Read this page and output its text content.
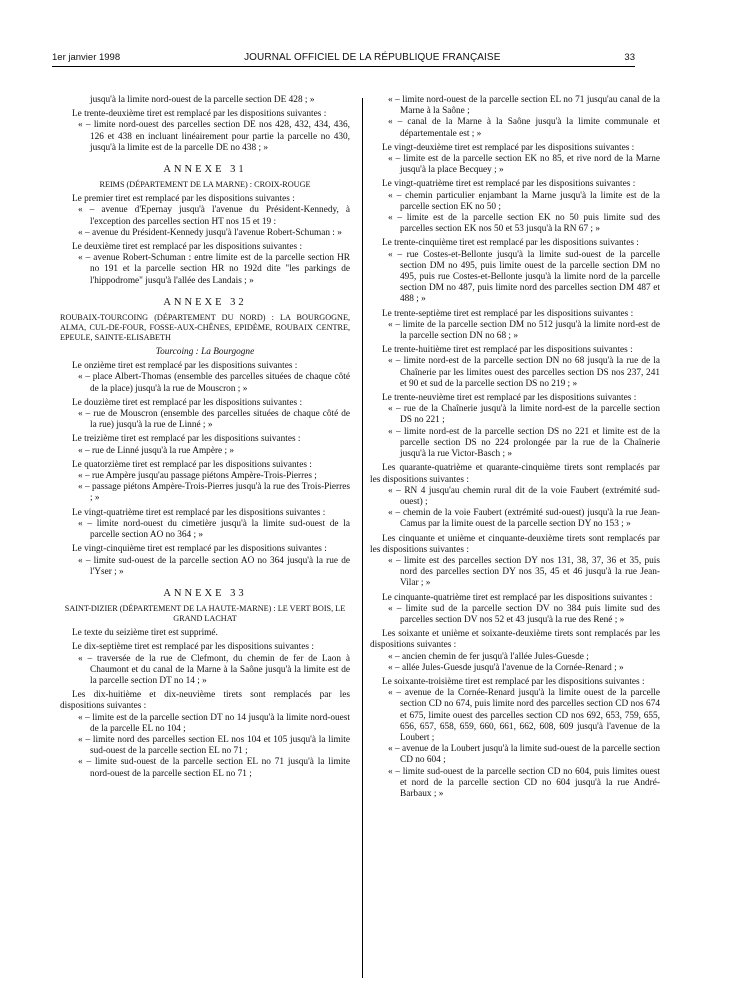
1er janvier 1998	JOURNAL OFFICIEL DE LA RÉPUBLIQUE FRANÇAISE	33

jusqu'à la limite nord-ouest de la parcelle section DE 428 ; »

Le trente-deuxième tiret est remplacé par les dispositions suivantes :

« – limite nord-ouest des parcelles section DE nos 428, 432, 434, 436, 126 et 438 en incluant linéairement pour partie la parcelle no 430, jusqu'à la limite est de la parcelle DE no 438 ; »

ANNEXE 31
REIMS (DÉPARTEMENT DE LA MARNE) : CROIX-ROUGE

Le premier tiret est remplacé par les dispositions suivantes :

« – avenue d'Epernay jusqu'à l'avenue du Président-Kennedy, à l'exception des parcelles section HT nos 15 et 19 :

« – avenue du Président-Kennedy jusqu'à l'avenue Robert-Schuman : »

Le deuxième tiret est remplacé par les dispositions suivantes :

« – avenue Robert-Schuman : entre limite est de la parcelle section HR no 191 et la parcelle section HR no 192d dite "les parkings de l'hippodrome" jusqu'à l'allée des Landais ; »

ANNEXE 32
ROUBAIX-TOURCOING (DÉPARTEMENT DU NORD) : LA BOURGOGNE, ALMA, CUL-DE-FOUR, FOSSE-AUX-CHÊNES, EPIDÈME, ROUBAIX CENTRE, EPEULE, SAINTE-ELISABETH
Tourcoing : La Bourgogne

Le onzième tiret est remplacé par les dispositions suivantes :

« – place Albert-Thomas (ensemble des parcelles situées de chaque côté de la place) jusqu'à la rue de Mouscron ; »

Le douzième tiret est remplacé par les dispositions suivantes :

« – rue de Mouscron (ensemble des parcelles situées de chaque côté de la rue) jusqu'à la rue de Linné ; »

Le treizième tiret est remplacé par les dispositions suivantes :

« – rue de Linné jusqu'à la rue Ampère ; »

Le quatorzième tiret est remplacé par les dispositions suivantes :

« – rue Ampère jusqu'au passage piétons Ampère-Trois-Pierres ;

« – passage piétons Ampère-Trois-Pierres jusqu'à la rue des Trois-Pierres ; »

Le vingt-quatrième tiret est remplacé par les dispositions suivantes :

« – limite nord-ouest du cimetière jusqu'à la limite sud-ouest de la parcelle section AO no 364 ; »

Le vingt-cinquième tiret est remplacé par les dispositions suivantes :

« – limite sud-ouest de la parcelle section AO no 364 jusqu'à la rue de l'Yser ; »

ANNEXE 33
SAINT-DIZIER (DÉPARTEMENT DE LA HAUTE-MARNE) : LE VERT BOIS, LE GRAND LACHAT

Le texte du seizième tiret est supprimé.

Le dix-septième tiret est remplacé par les dispositions suivantes :

« – traversée de la rue de Clefmont, du chemin de fer de Laon à Chaumont et du canal de la Marne à la Saône jusqu'à la limite est de la parcelle section DT no 14 ; »

Les dix-huitième et dix-neuvième tirets sont remplacés par les dispositions suivantes :

« – limite est de la parcelle section DT no 14 jusqu'à la limite nord-ouest de la parcelle EL no 104 ;

« – limite nord des parcelles section EL nos 104 et 105 jusqu'à la limite sud-ouest de la parcelle section EL no 71 ;

« – limite sud-ouest de la parcelle section EL no 71 jusqu'à la limite nord-ouest de la parcelle section EL no 71 ;

« – limite nord-ouest de la parcelle section EL no 71 jusqu'au canal de la Marne à la Saône ;

« – canal de la Marne à la Saône jusqu'à la limite communale et départementale est ; »

Le vingt-deuxième tiret est remplacé par les dispositions suivantes :

« – limite est de la parcelle section EK no 85, et rive nord de la Marne jusqu'à la place Becquey ; »

Le vingt-quatrième tiret est remplacé par les dispositions suivantes :

« – chemin particulier enjambant la Marne jusqu'à la limite est de la parcelle section EK no 50 ;

« – limite est de la parcelle section EK no 50 puis limite sud des parcelles section EK nos 50 et 53 jusqu'à la RN 67 ; »

Le trente-cinquième tiret est remplacé par les dispositions suivantes :

« – rue Costes-et-Bellonte jusqu'à la limite sud-ouest de la parcelle section DM no 495, puis limite ouest de la parcelle section DM no 495, puis rue Costes-et-Bellonte jusqu'à la limite nord de la parcelle section DM no 487, puis limite nord des parcelles section DM 487 et 488 ; »

Le trente-septième tiret est remplacé par les dispositions suivantes :

« – limite de la parcelle section DM no 512 jusqu'à la limite nord-est de la parcelle section DN no 68 ; »

Le trente-huitième tiret est remplacé par les dispositions suivantes :

« – limite nord-est de la parcelle section DN no 68 jusqu'à la rue de la Chaînerie par les limites ouest des parcelles section DS nos 237, 241 et 90 et sud de la parcelle section DS no 219 ; »

Le trente-neuvième tiret est remplacé par les dispositions suivantes :

« – rue de la Chaînerie jusqu'à la limite nord-est de la parcelle section DS no 221 ;

« – limite nord-est de la parcelle section DS no 221 et limite est de la parcelle section DS no 224 prolongée par la rue de la Chaînerie jusqu'à la rue Victor-Basch ; »

Les quarante-quatrième et quarante-cinquième tirets sont remplacés par les dispositions suivantes :

« – RN 4 jusqu'au chemin rural dit de la voie Faubert (extrémité sud-ouest) ;

« – chemin de la voie Faubert (extrémité sud-ouest) jusqu'à la rue Jean-Camus par la limite ouest de la parcelle section DY no 153 ; »

Les cinquante et unième et cinquante-deuxième tirets sont remplacés par les dispositions suivantes :

« – limite est des parcelles section DY nos 131, 38, 37, 36 et 35, puis nord des parcelles section DY nos 35, 45 et 46 jusqu'à la rue Jean-Vilar ; »

Le cinquante-quatrième tiret est remplacé par les dispositions suivantes :

« – limite sud de la parcelle section DV no 384 puis limite sud des parcelles section DV nos 52 et 43 jusqu'à la rue des René ; »

Les soixante et unième et soixante-deuxième tirets sont remplacés par les dispositions suivantes :

« – ancien chemin de fer jusqu'à l'allée Jules-Guesde ;

« – allée Jules-Guesde jusqu'à l'avenue de la Cornée-Renard ; »

Le soixante-troisième tiret est remplacé par les dispositions suivantes :

« – avenue de la Cornée-Renard jusqu'à la limite ouest de la parcelle section CD no 674, puis limite nord des parcelles section CD nos 674 et 675, limite ouest des parcelles section CD nos 692, 653, 759, 655, 656, 657, 658, 659, 660, 661, 662, 608, 609 jusqu'à l'avenue de la Loubert ;

« – avenue de la Loubert jusqu'à la limite sud-ouest de la parcelle section CD no 604 ;

« – limite sud-ouest de la parcelle section CD no 604, puis limites ouest et nord de la parcelle section CD no 604 jusqu'à la rue André-Barbaux ; »
